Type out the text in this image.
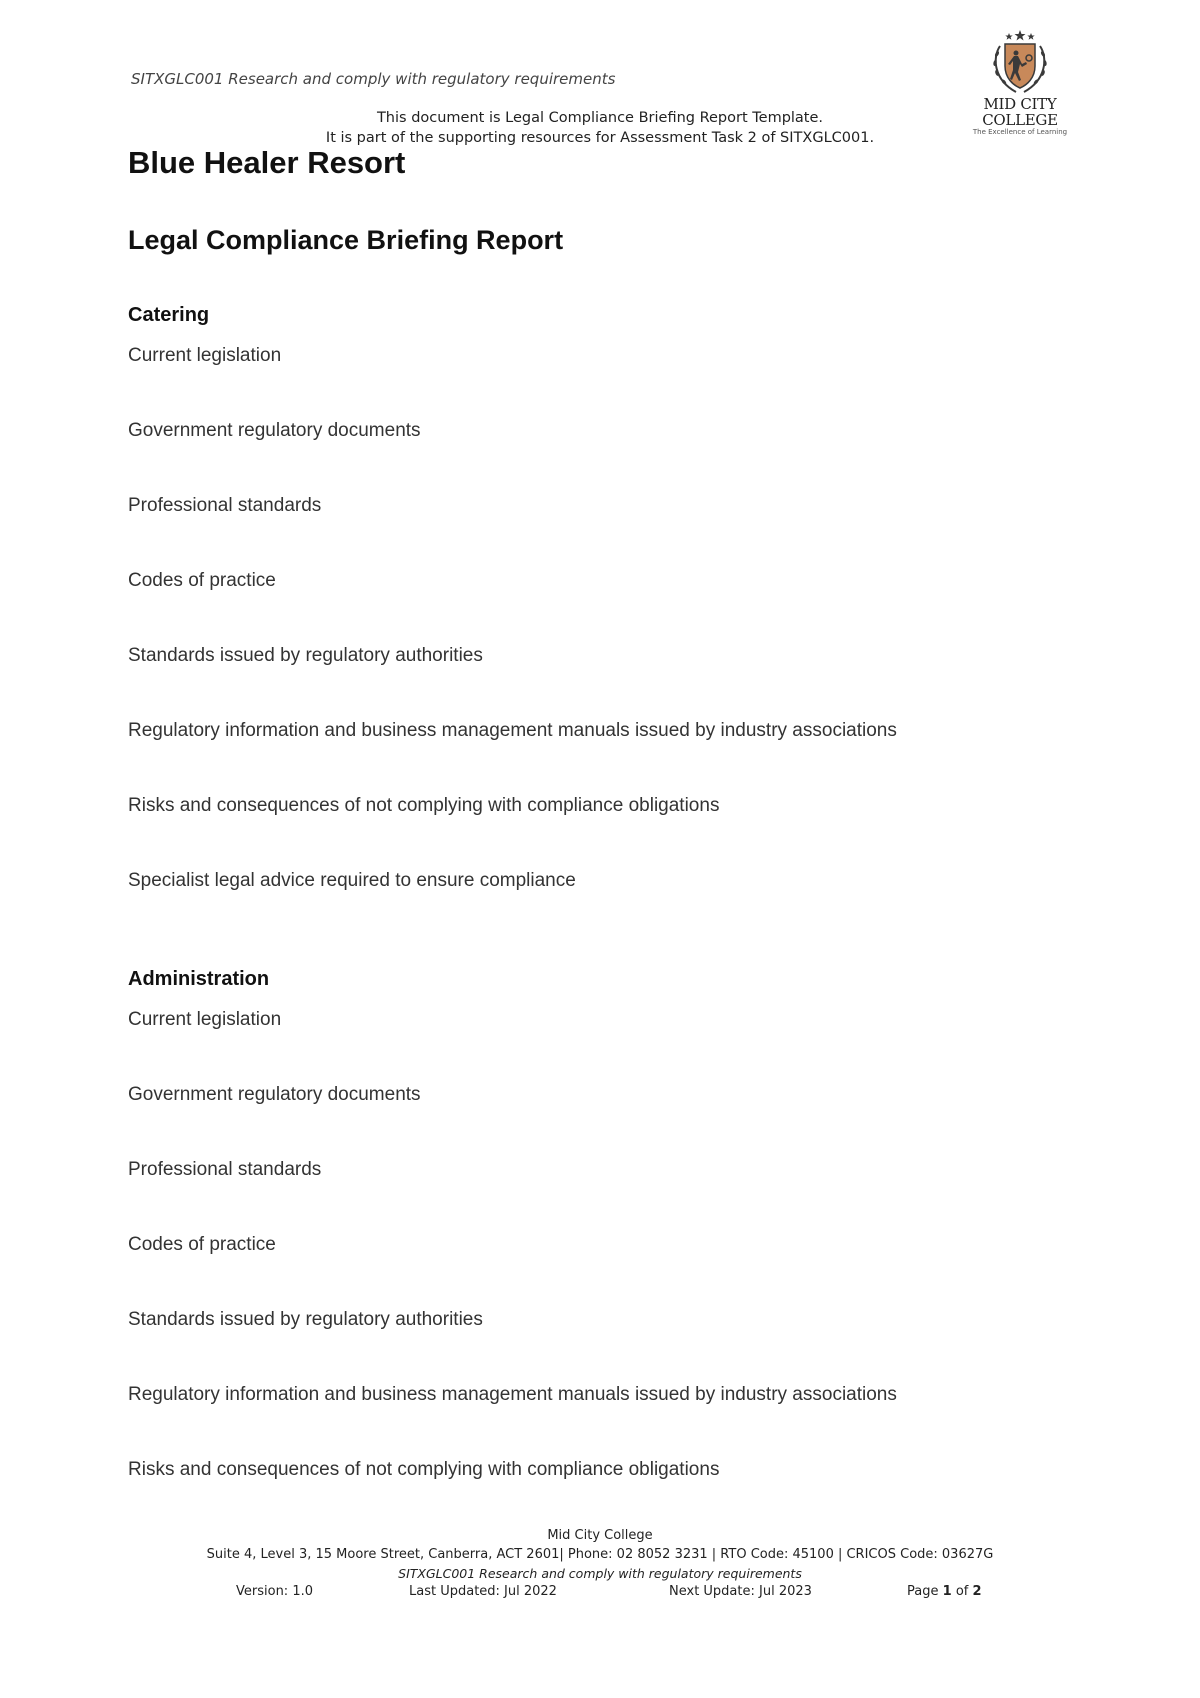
SITXGLC001 Research and comply with regulatory requirements
This document is Legal Compliance Briefing Report Template.
It is part of the supporting resources for Assessment Task 2 of SITXGLC001.
MID CITY COLLEGE
The Excellence of Learning
Blue Healer Resort
Legal Compliance Briefing Report
Catering
Current legislation
Government regulatory documents
Professional standards
Codes of practice
Standards issued by regulatory authorities
Regulatory information and business management manuals issued by industry associations
Risks and consequences of not complying with compliance obligations
Specialist legal advice required to ensure compliance
Administration
Current legislation
Government regulatory documents
Professional standards
Codes of practice
Standards issued by regulatory authorities
Regulatory information and business management manuals issued by industry associations
Risks and consequences of not complying with compliance obligations
Mid City College
Suite 4, Level 3, 15 Moore Street, Canberra, ACT 2601| Phone: 02 8052 3231 | RTO Code: 45100 | CRICOS Code: 03627G
SITXGLC001 Research and comply with regulatory requirements
Version: 1.0	Last Updated: Jul 2022	Next Update: Jul 2023	Page 1 of 2
